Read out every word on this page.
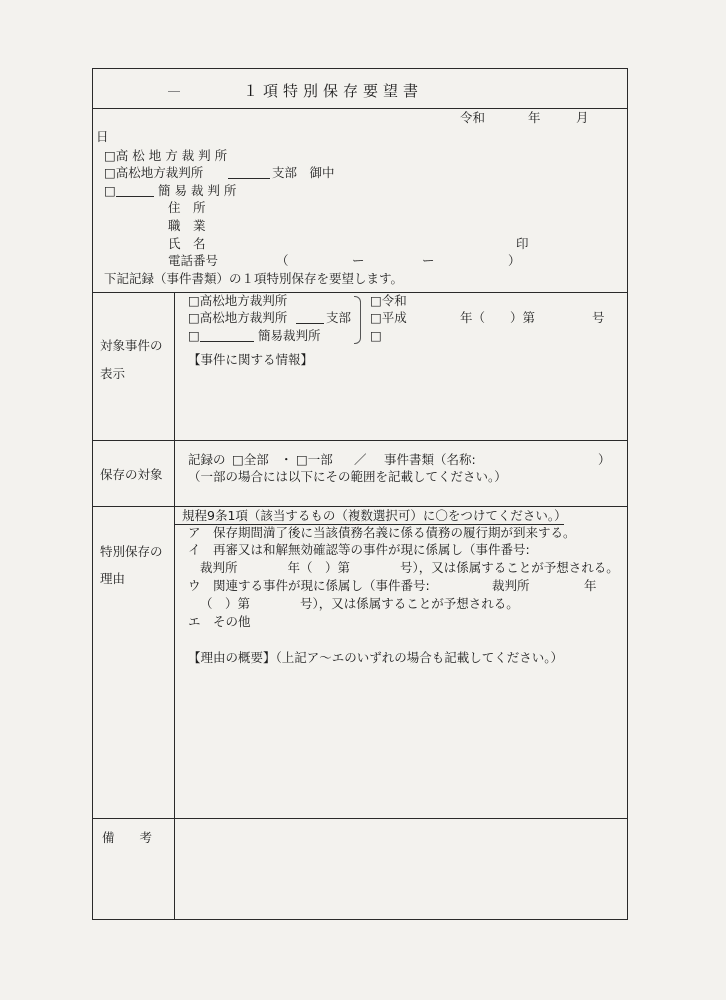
１項特別保存要望書
令和	年	月
日
□高 松 地 方 裁 判 所
□高松地方裁判所	支部　御中
□	簡 易 裁 判 所
住　所
職　業
氏　名	印
電話番号	（	ー	ー	）
下記記録（事件書類）の１項特別保存を要望します。
対象事件の
表示
□高松地方裁判所
□高松地方裁判所	支部
□	簡易裁判所
□令和
□平成
□
年（　　）第	号
【事件に関する情報】
保存の対象
記録の □全部 ・ □一部 ／ 事件書類（名称:	）
（一部の場合には以下にその範囲を記載してください。）
特別保存の
理由
規程9条1項（該当するもの（複数選択可）に〇をつけてください。）
ア　保存期間満了後に当該債務名義に係る債務の履行期が到来する。
イ　再審又は和解無効確認等の事件が現に係属し（事件番号:
裁判所　　　　年（　）第　　　　号），又は係属することが予想される。
ウ　関連する事件が現に係属し（事件番号:	裁判所	年
（　）第　　　　号），又は係属することが予想される。
エ　その他
【理由の概要】（上記ア～エのいずれの場合も記載してください。）
備　　考
